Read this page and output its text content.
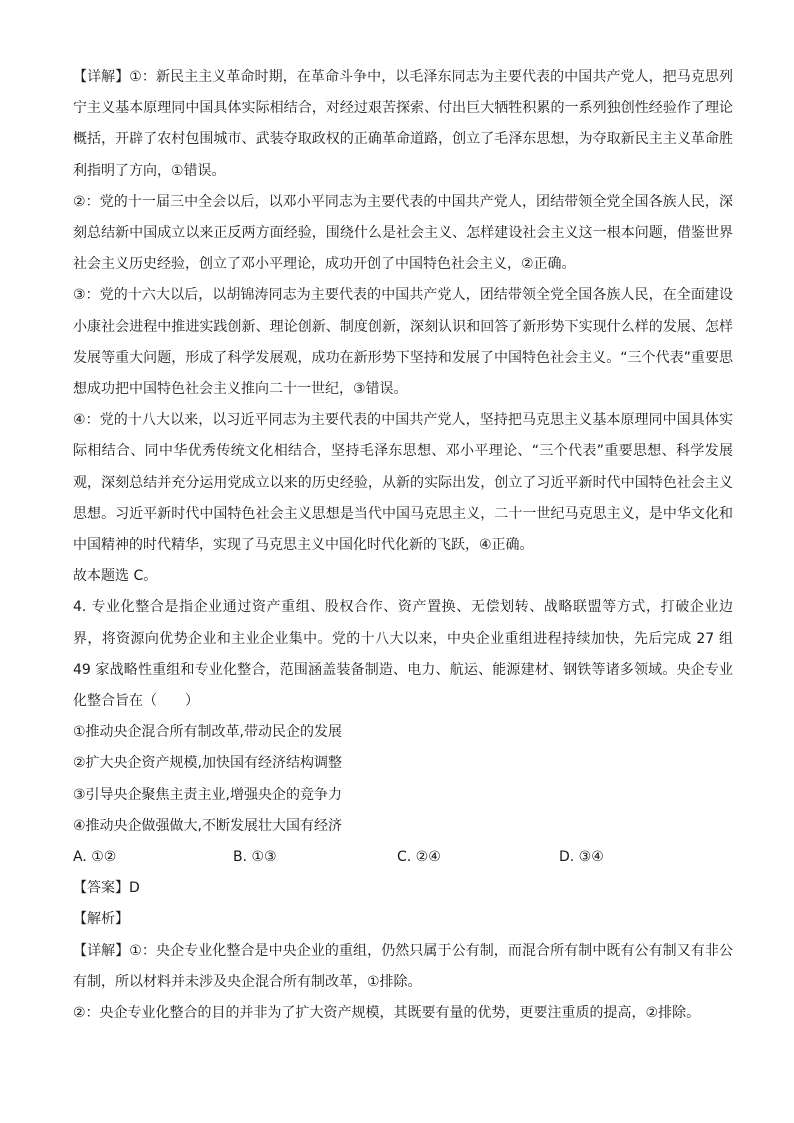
【详解】①：新民主主义革命时期，在革命斗争中，以毛泽东同志为主要代表的中国共产党人，把马克思列宁主义基本原理同中国具体实际相结合，对经过艰苦探索、付出巨大牺牲积累的一系列独创性经验作了理论概括，开辟了农村包围城市、武装夺取政权的正确革命道路，创立了毛泽东思想，为夺取新民主主义革命胜利指明了方向，①错误。

②：党的十一届三中全会以后，以邓小平同志为主要代表的中国共产党人，团结带领全党全国各族人民，深刻总结新中国成立以来正反两方面经验，围绕什么是社会主义、怎样建设社会主义这一根本问题，借鉴世界社会主义历史经验，创立了邓小平理论，成功开创了中国特色社会主义，②正确。

③：党的十六大以后，以胡锦涛同志为主要代表的中国共产党人，团结带领全党全国各族人民，在全面建设小康社会进程中推进实践创新、理论创新、制度创新，深刻认识和回答了新形势下实现什么样的发展、怎样发展等重大问题，形成了科学发展观，成功在新形势下坚持和发展了中国特色社会主义。“三个代表”重要思想成功把中国特色社会主义推向二十一世纪，③错误。

④：党的十八大以来，以习近平同志为主要代表的中国共产党人，坚持把马克思主义基本原理同中国具体实际相结合、同中华优秀传统文化相结合，坚持毛泽东思想、邓小平理论、“三个代表”重要思想、科学发展观，深刻总结并充分运用党成立以来的历史经验，从新的实际出发，创立了习近平新时代中国特色社会主义思想。习近平新时代中国特色社会主义思想是当代中国马克思主义，二十一世纪马克思主义，是中华文化和中国精神的时代精华，实现了马克思主义中国化时代化新的飞跃，④正确。

故本题选 C。

4. 专业化整合是指企业通过资产重组、股权合作、资产置换、无偿划转、战略联盟等方式，打破企业边界，将资源向优势企业和主业企业集中。党的十八大以来，中央企业重组进程持续加快，先后完成 27 组 49 家战略性重组和专业化整合，范围涵盖装备制造、电力、航运、能源建材、钢铁等诸多领域。央企专业化整合旨在（　　）

①推动央企混合所有制改革,带动民企的发展

②扩大央企资产规模,加快国有经济结构调整

③引导央企聚焦主责主业,增强央企的竞争力

④推动央企做强做大,不断发展壮大国有经济

A. ①②	B. ①③	C. ②④	D. ③④

【答案】D

【解析】

【详解】①：央企专业化整合是中央企业的重组，仍然只属于公有制，而混合所有制中既有公有制又有非公有制，所以材料并未涉及央企混合所有制改革，①排除。

②：央企专业化整合的目的并非为了扩大资产规模，其既要有量的优势，更要注重质的提高，②排除。
